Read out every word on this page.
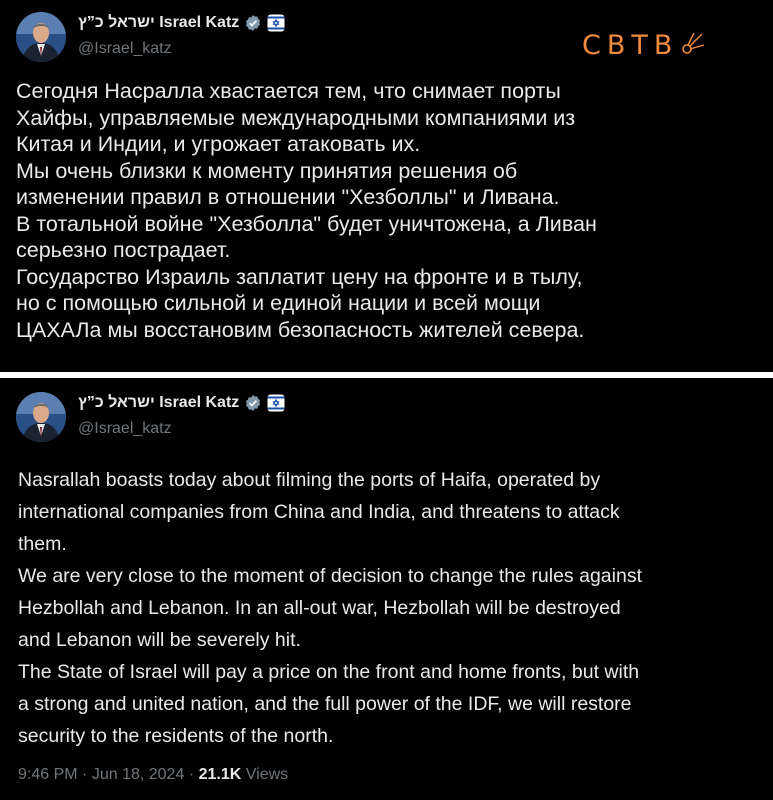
ישראל כ”ץ Israel Katz
@Israel_katz	CBTB

Сегодня Насралла хвастается тем, что снимает порты
Хайфы, управляемые международными компаниями из
Китая и Индии, и угрожает атаковать их.
Мы очень близки к моменту принятия решения об
изменении правил в отношении "Хезболлы" и Ливана.
В тотальной войне "Хезболла" будет уничтожена, а Ливан
серьезно пострадает.
Государство Израиль заплатит цену на фронте и в тылу,
но с помощью сильной и единой нации и всей мощи
ЦАХАЛа мы восстановим безопасность жителей севера.

ישראל כ”ץ Israel Katz
@Israel_katz

Nasrallah boasts today about filming the ports of Haifa, operated by
international companies from China and India, and threatens to attack
them.
We are very close to the moment of decision to change the rules against
Hezbollah and Lebanon. In an all-out war, Hezbollah will be destroyed
and Lebanon will be severely hit.
The State of Israel will pay a price on the front and home fronts, but with
a strong and united nation, and the full power of the IDF, we will restore
security to the residents of the north.

9:46 PM · Jun 18, 2024 · 21.1K Views
